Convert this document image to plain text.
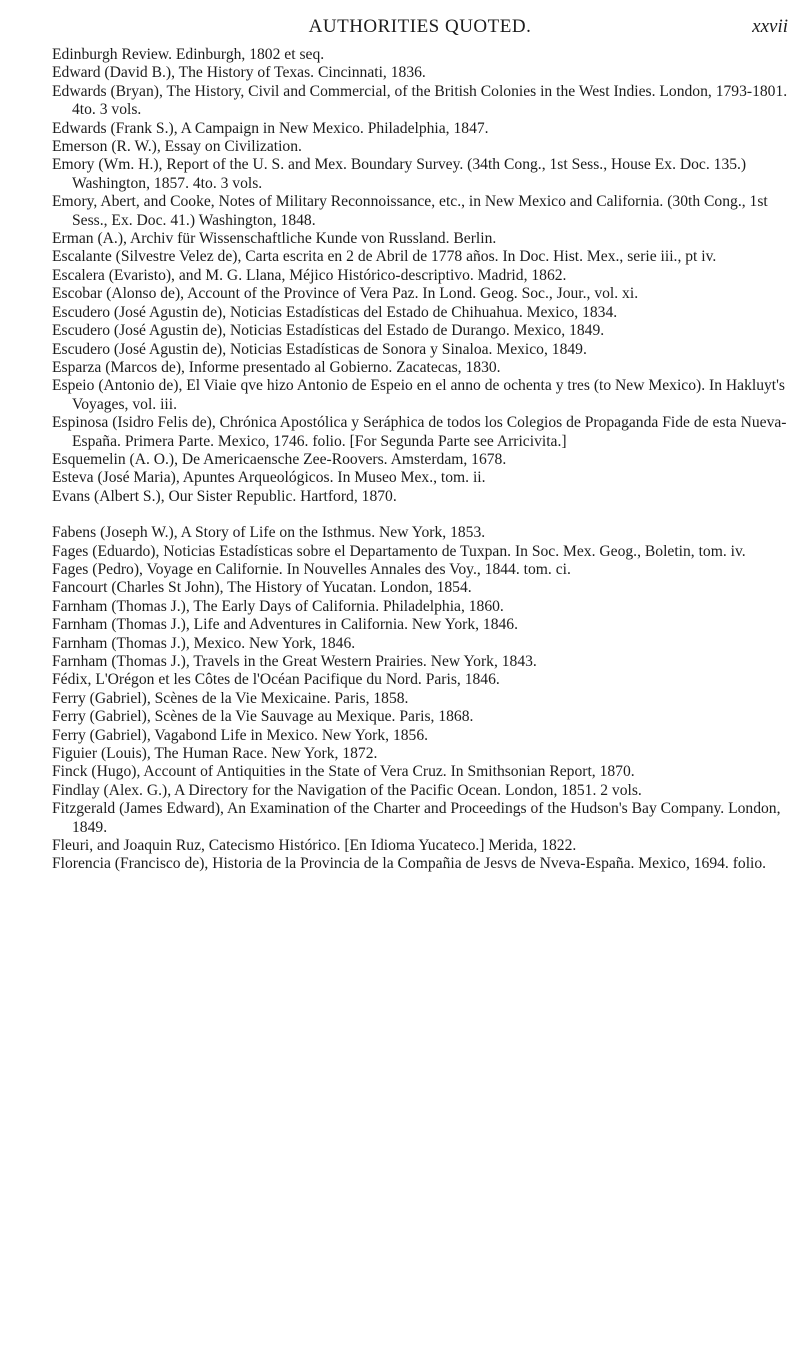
AUTHORITIES QUOTED.	xxvii

Edinburgh Review. Edinburgh, 1802 et seq.

Edward (David B.), The History of Texas. Cincinnati, 1836.

Edwards (Bryan), The History, Civil and Commercial, of the British Colonies in the West Indies. London, 1793-1801. 4to. 3 vols.

Edwards (Frank S.), A Campaign in New Mexico. Philadelphia, 1847.

Emerson (R. W.), Essay on Civilization.

Emory (Wm. H.), Report of the U. S. and Mex. Boundary Survey. (34th Cong., 1st Sess., House Ex. Doc. 135.) Washington, 1857. 4to. 3 vols.

Emory, Abert, and Cooke, Notes of Military Reconnoissance, etc., in New Mexico and California. (30th Cong., 1st Sess., Ex. Doc. 41.) Washington, 1848.

Erman (A.), Archiv für Wissenschaftliche Kunde von Russland. Berlin.

Escalante (Silvestre Velez de), Carta escrita en 2 de Abril de 1778 años. In Doc. Hist. Mex., serie iii., pt iv.

Escalera (Evaristo), and M. G. Llana, Méjico Histórico-descriptivo. Madrid, 1862.

Escobar (Alonso de), Account of the Province of Vera Paz. In Lond. Geog. Soc., Jour., vol. xi.

Escudero (José Agustin de), Noticias Estadísticas del Estado de Chihuahua. Mexico, 1834.

Escudero (José Agustin de), Noticias Estadísticas del Estado de Durango. Mexico, 1849.

Escudero (José Agustin de), Noticias Estadísticas de Sonora y Sinaloa. Mexico, 1849.

Esparza (Marcos de), Informe presentado al Gobierno. Zacatecas, 1830.

Espeio (Antonio de), El Viaie qve hizo Antonio de Espeio en el anno de ochenta y tres (to New Mexico). In Hakluyt's Voyages, vol. iii.

Espinosa (Isidro Felis de), Chrónica Apostólica y Seráphica de todos los Colegios de Propaganda Fide de esta Nueva-España. Primera Parte. Mexico, 1746. folio. [For Segunda Parte see Arricivita.]

Esquemelin (A. O.), De Americaensche Zee-Roovers. Amsterdam, 1678.

Esteva (José Maria), Apuntes Arqueológicos. In Museo Mex., tom. ii.

Evans (Albert S.), Our Sister Republic. Hartford, 1870.

Fabens (Joseph W.), A Story of Life on the Isthmus. New York, 1853.

Fages (Eduardo), Noticias Estadísticas sobre el Departamento de Tuxpan. In Soc. Mex. Geog., Boletin, tom. iv.

Fages (Pedro), Voyage en Californie. In Nouvelles Annales des Voy., 1844. tom. ci.

Fancourt (Charles St John), The History of Yucatan. London, 1854.

Farnham (Thomas J.), The Early Days of California. Philadelphia, 1860.

Farnham (Thomas J.), Life and Adventures in California. New York, 1846.

Farnham (Thomas J.), Mexico. New York, 1846.

Farnham (Thomas J.), Travels in the Great Western Prairies. New York, 1843.

Fédix, L'Orégon et les Côtes de l'Océan Pacifique du Nord. Paris, 1846.

Ferry (Gabriel), Scènes de la Vie Mexicaine. Paris, 1858.

Ferry (Gabriel), Scènes de la Vie Sauvage au Mexique. Paris, 1868.

Ferry (Gabriel), Vagabond Life in Mexico. New York, 1856.

Figuier (Louis), The Human Race. New York, 1872.

Finck (Hugo), Account of Antiquities in the State of Vera Cruz. In Smithsonian Report, 1870.

Findlay (Alex. G.), A Directory for the Navigation of the Pacific Ocean. London, 1851. 2 vols.

Fitzgerald (James Edward), An Examination of the Charter and Proceedings of the Hudson's Bay Company. London, 1849.

Fleuri, and Joaquin Ruz, Catecismo Histórico. [En Idioma Yucateco.] Merida, 1822.

Florencia (Francisco de), Historia de la Provincia de la Compañia de Jesvs de Nveva-España. Mexico, 1694. folio.
